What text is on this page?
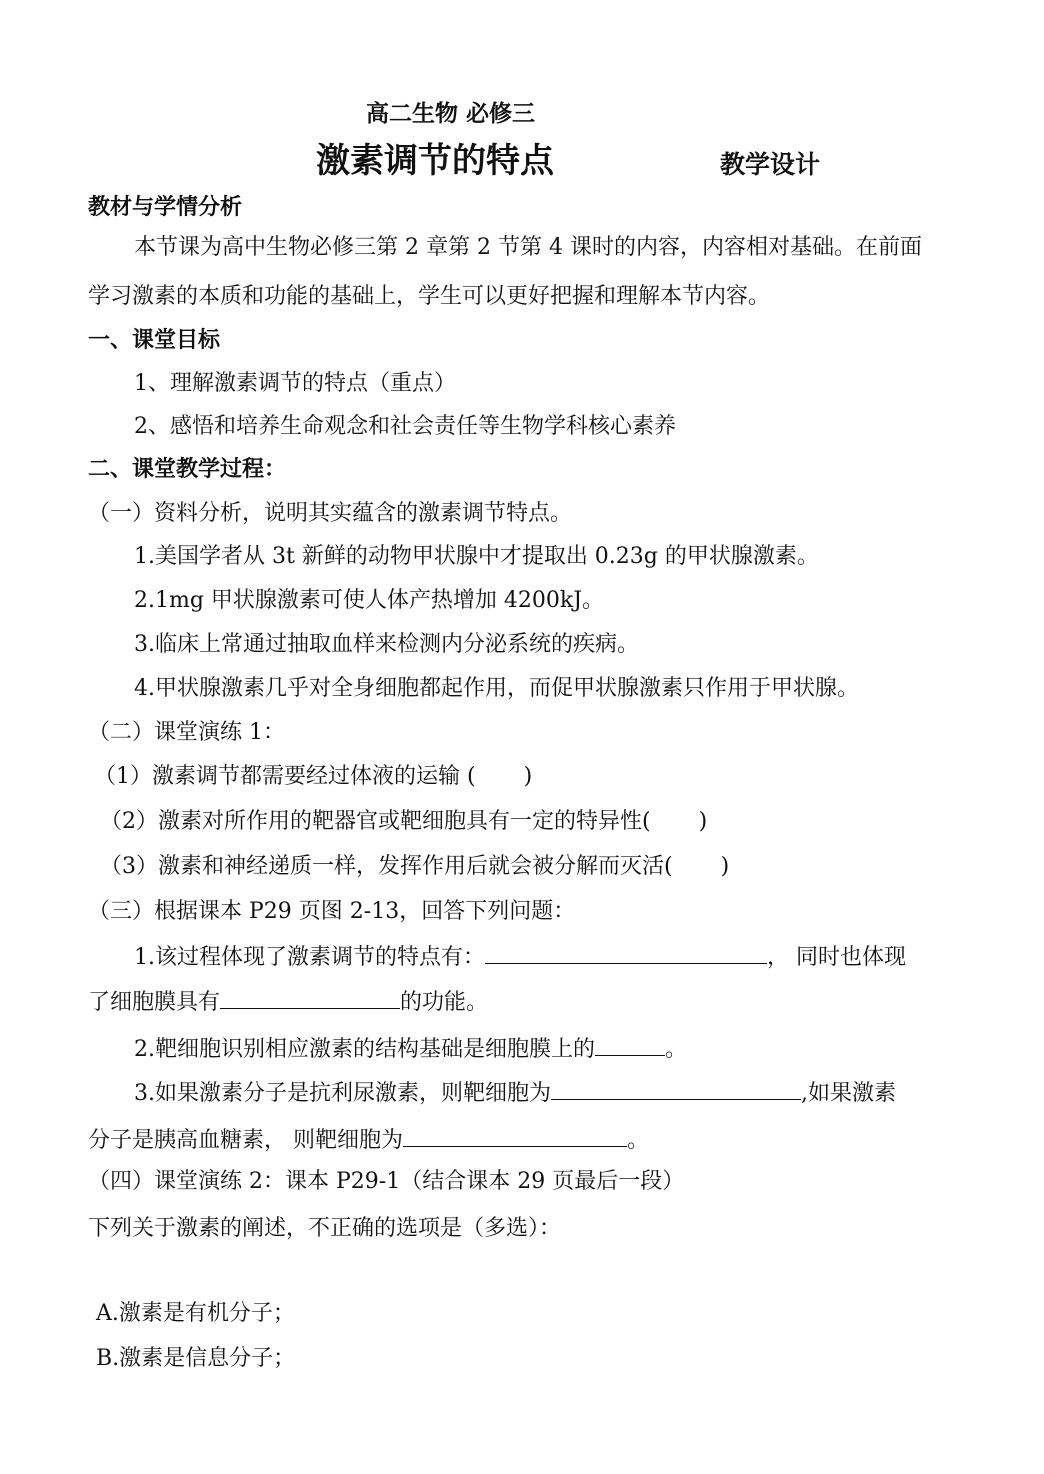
高二生物 必修三
激素调节的特点	教学设计
教材与学情分析
本节课为高中生物必修三第 2 章第 2 节第 4 课时的内容，内容相对基础。在前面
学习激素的本质和功能的基础上，学生可以更好把握和理解本节内容。
一、课堂目标
1、理解激素调节的特点（重点）
2、感悟和培养生命观念和社会责任等生物学科核心素养
二、课堂教学过程：
（一）资料分析，说明其实蕴含的激素调节特点。
1.美国学者从 3t 新鲜的动物甲状腺中才提取出 0.23g 的甲状腺激素。
2.1mg 甲状腺激素可使人体产热增加 4200kJ。
3.临床上常通过抽取血样来检测内分泌系统的疾病。
4.甲状腺激素几乎对全身细胞都起作用，而促甲状腺激素只作用于甲状腺。
（二）课堂演练 1：
（1）激素调节都需要经过体液的运输 ( )
（2）激素对所作用的靶器官或靶细胞具有一定的特异性( )
（3）激素和神经递质一样，发挥作用后就会被分解而灭活( )
（三）根据课本 P29 页图 2-13，回答下列问题：
1.该过程体现了激素调节的特点有：	， 同时也体现
了细胞膜具有	的功能。
2.靶细胞识别相应激素的结构基础是细胞膜上的	。
3.如果激素分子是抗利尿激素，则靶细胞为	,如果激素
分子是胰高血糖素， 则靶细胞为	。
（四）课堂演练 2：课本 P29-1（结合课本 29 页最后一段）
下列关于激素的阐述，不正确的选项是（多选）：
A.激素是有机分子；
B.激素是信息分子；
